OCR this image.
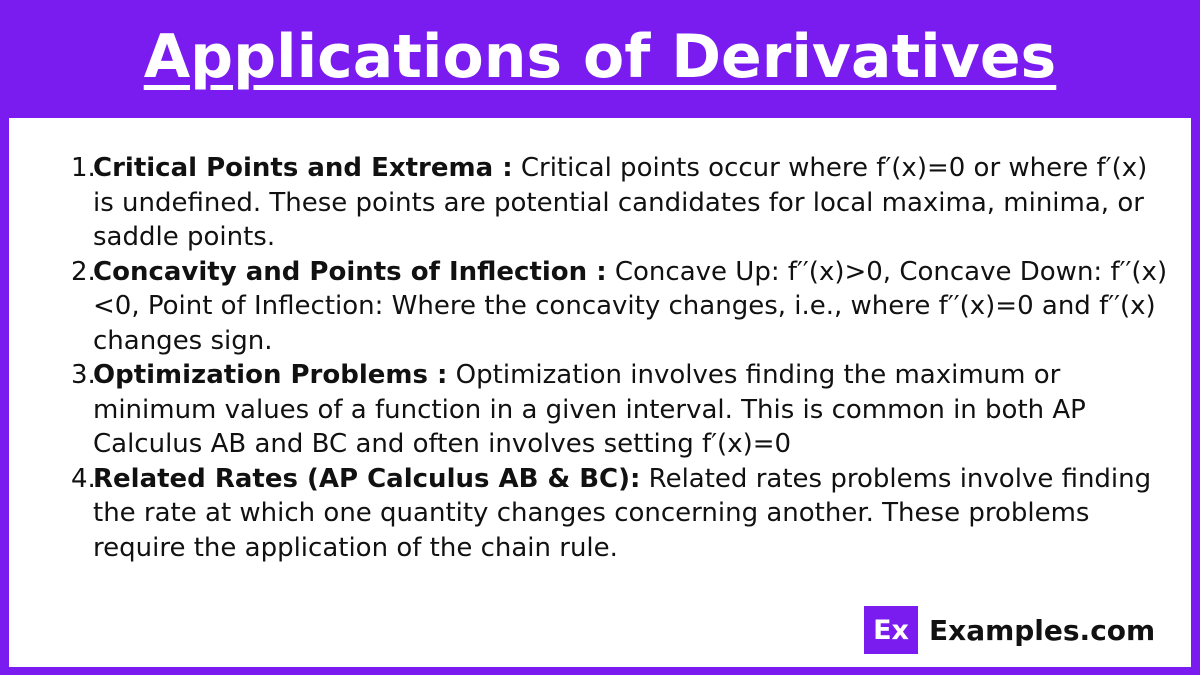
Applications of Derivatives
1.
Critical Points and Extrema : Critical points occur where f′(x)=0 or where f′(x) is undefined. These points are potential candidates for local maxima, minima, or saddle points.
2.
Concavity and Points of Inflection : Concave Up: f′′(x)>0, Concave Down: f′′(x)<0, Point of Inflection: Where the concavity changes, i.e., where f′′(x)=0 and f′′(x) changes sign.
3.
Optimization Problems : Optimization involves finding the maximum or minimum values of a function in a given interval. This is common in both AP Calculus AB and BC and often involves setting f′(x)=0
4.
Related Rates (AP Calculus AB & BC): Related rates problems involve finding the rate at which one quantity changes concerning another. These problems require the application of the chain rule.
Ex Examples.com
